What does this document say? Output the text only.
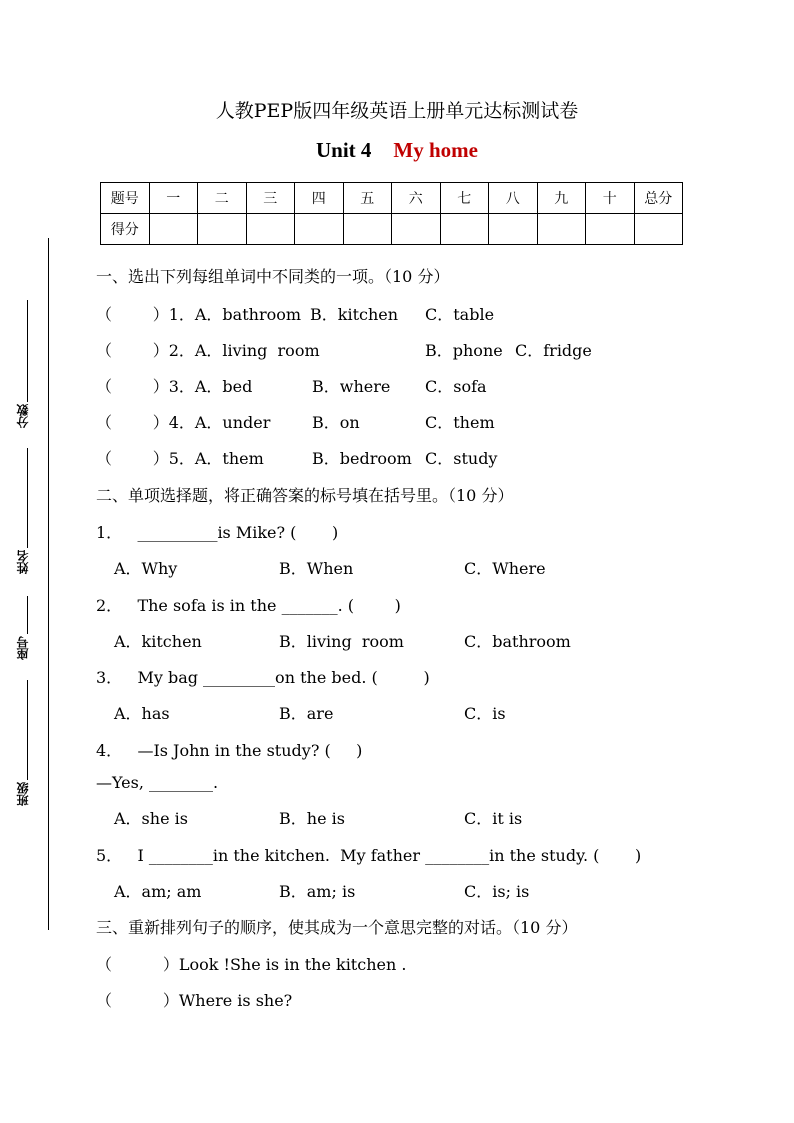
人教PEP版四年级英语上册单元达标测试卷
Unit 4 My home
题号	一	二	三	四	五	六	七	八	九	十	总分
得分											
分数
姓名
座号
班级
一、选出下列每组单词中不同类的一项。（10 分）
（        ）1．A．bathroom B．kitchen C．table
（        ）2．A．living  room	B．phone C．fridge
（        ）3．A．bed	B．where C．sofa
（        ）4．A．under	B．on	C．them
（        ）5．A．them	B．bedroom C．study
二、单项选择题，将正确答案的标号填在括号里。（10 分）
1．   __________is Mike? (       )
A．Why	B．When	C．Where
2．   The sofa is in the _______. (        )
A．kitchen	B．living  room	C．bathroom
3．   My bag _________on the bed. (         )
A．has	B．are	C．is
4．   —Is John in the study? (     )
—Yes, ________.
A．she is	B．he is	C．it is
5．   I ________in the kitchen.  My father ________in the study. (       )
A．am; am	B．am; is	C．is; is
三、重新排列句子的顺序，使其成为一个意思完整的对话。（10 分）
（          ）Look !She is in the kitchen .
（          ）Where is she?
